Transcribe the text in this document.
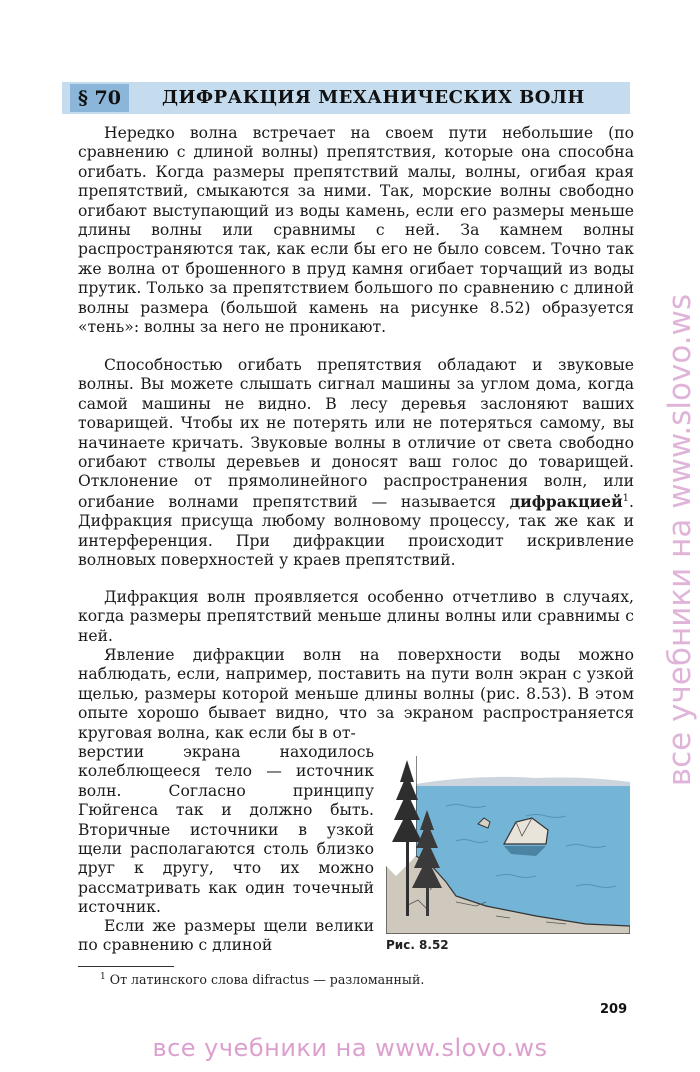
§ 70	ДИФРАКЦИЯ МЕХАНИЧЕСКИХ ВОЛН

Нередко волна встречает на своем пути небольшие (по сравнению с длиной волны) препятствия, которые она способна огибать. Когда размеры препятствий малы, волны, огибая края препятствий, смыкаются за ними. Так, морские волны свободно огибают выступающий из воды камень, если его размеры меньше длины волны или сравнимы с ней. За камнем волны распространяются так, как если бы его не было совсем. Точно так же волна от брошенного в пруд камня огибает торчащий из воды прутик. Только за препятствием большого по сравнению с длиной волны размера (большой камень на рисунке 8.52) образуется «тень»: волны за него не проникают.

Способностью огибать препятствия обладают и звуковые волны. Вы можете слышать сигнал машины за углом дома, когда самой машины не видно. В лесу деревья заслоняют ваших товарищей. Чтобы их не потерять или не потеряться самому, вы начинаете кричать. Звуковые волны в отличие от света свободно огибают стволы деревьев и доносят ваш голос до товарищей. Отклонение от прямолинейного распространения волн, или огибание волнами препятствий — называется дифракцией$^1$. Дифракция присуща любому волновому процессу, так же как и интерференция. При дифракции происходит искривление волновых поверхностей у краев препятствий.

Дифракция волн проявляется особенно отчетливо в случаях, когда размеры препятствий меньше длины волны или сравнимы с ней.

Явление дифракции волн на поверхности воды можно наблюдать, если, например, поставить на пути волн экран с узкой щелью, размеры которой меньше длины волны (рис. 8.53). В этом опыте хорошо бывает видно, что за экраном распространяется круговая волна, как если бы в от-

верстии экрана находилось колеблющееся тело — источник волн. Согласно принципу Гюйгенса так и должно быть. Вторичные источники в узкой щели располагаются столь близко друг к другу, что их можно рассматривать как один точечный источник.

Если же размеры щели велики по сравнению с длиной	Рис. 8.52
$^1$ От латинского слова difractus — разломанный.
209
все учебники на www.slovo.ws
все учебники на www.slovo.ws
